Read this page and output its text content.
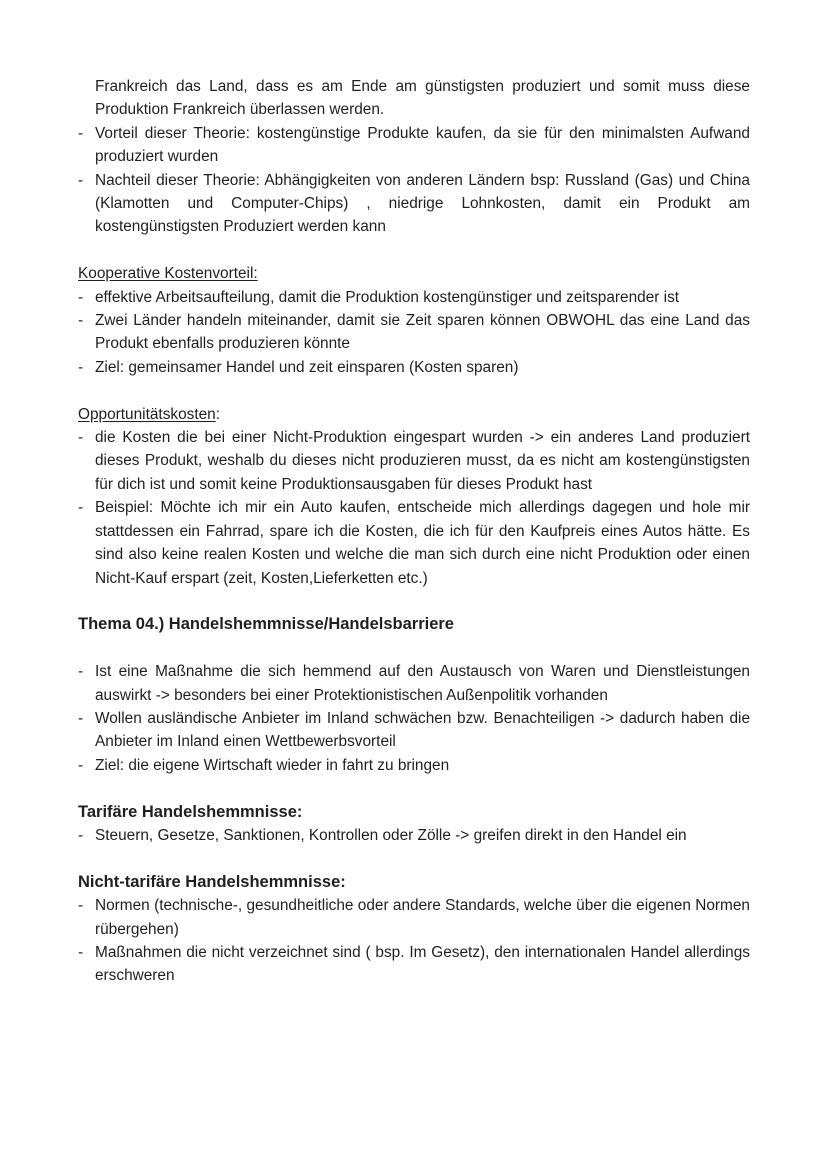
Frankreich das Land, dass es am Ende am günstigsten produziert und somit muss diese Produktion Frankreich überlassen werden.

- Vorteil dieser Theorie: kostengünstige Produkte kaufen, da sie für den minimalsten Aufwand produziert wurden
- Nachteil dieser Theorie: Abhängigkeiten von anderen Ländern bsp: Russland (Gas) und China (Klamotten und Computer-Chips) , niedrige Lohnkosten, damit ein Produkt am kostengünstigsten Produziert werden kann
Kooperative Kostenvorteil:
- effektive Arbeitsaufteilung, damit die Produktion kostengünstiger und zeitsparender ist
- Zwei Länder handeln miteinander, damit sie Zeit sparen können OBWOHL das eine Land das Produkt ebenfalls produzieren könnte
- Ziel: gemeinsamer Handel und zeit einsparen (Kosten sparen)
Opportunitätskosten:
- die Kosten die bei einer Nicht-Produktion eingespart wurden -> ein anderes Land produziert dieses Produkt, weshalb du dieses nicht produzieren musst, da es nicht am kostengünstigsten für dich ist und somit keine Produktionsausgaben für dieses Produkt hast
- Beispiel: Möchte ich mir ein Auto kaufen, entscheide mich allerdings dagegen und hole mir stattdessen ein Fahrrad, spare ich die Kosten, die ich für den Kaufpreis eines Autos hätte. Es sind also keine realen Kosten und welche die man sich durch eine nicht Produktion oder einen Nicht-Kauf erspart (zeit, Kosten,Lieferketten etc.)
Thema 04.) Handelshemmnisse/Handelsbarriere
- Ist eine Maßnahme die sich hemmend auf den Austausch von Waren und Dienstleistungen auswirkt -> besonders bei einer Protektionistischen Außenpolitik vorhanden
- Wollen ausländische Anbieter im Inland schwächen bzw. Benachteiligen -> dadurch haben die Anbieter im Inland einen Wettbewerbsvorteil
- Ziel: die eigene Wirtschaft wieder in fahrt zu bringen
Tarifäre Handelshemmnisse:
- Steuern, Gesetze, Sanktionen, Kontrollen oder Zölle -> greifen direkt in den Handel ein
Nicht-tarifäre Handelshemmnisse:
- Normen (technische-, gesundheitliche oder andere Standards, welche über die eigenen Normen rübergehen)
- Maßnahmen die nicht verzeichnet sind ( bsp. Im Gesetz), den internationalen Handel allerdings erschweren
